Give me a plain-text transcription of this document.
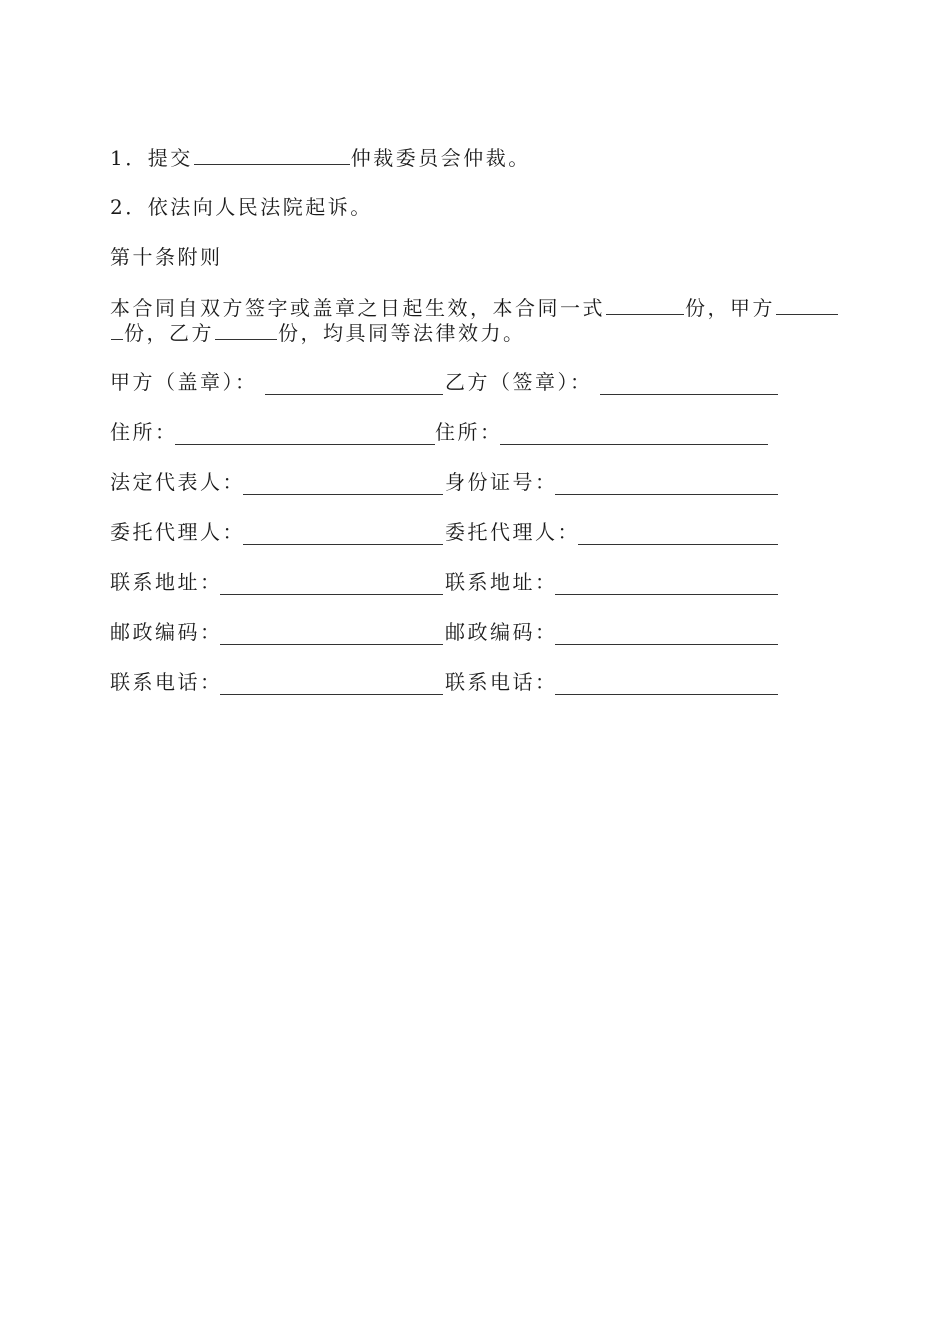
1．提交	仲裁委员会仲裁。

2．依法向人民法院起诉。

第十条附则

本合同自双方签字或盖章之日起生效，本合同一式	份，甲方

份，乙方	份，均具同等法律效力。

甲方（盖章）：	乙方（签章）：
住所：	住所：
法定代表人：	身份证号：
委托代理人：	委托代理人：
联系地址：	联系地址：
邮政编码：	邮政编码：
联系电话：	联系电话：
